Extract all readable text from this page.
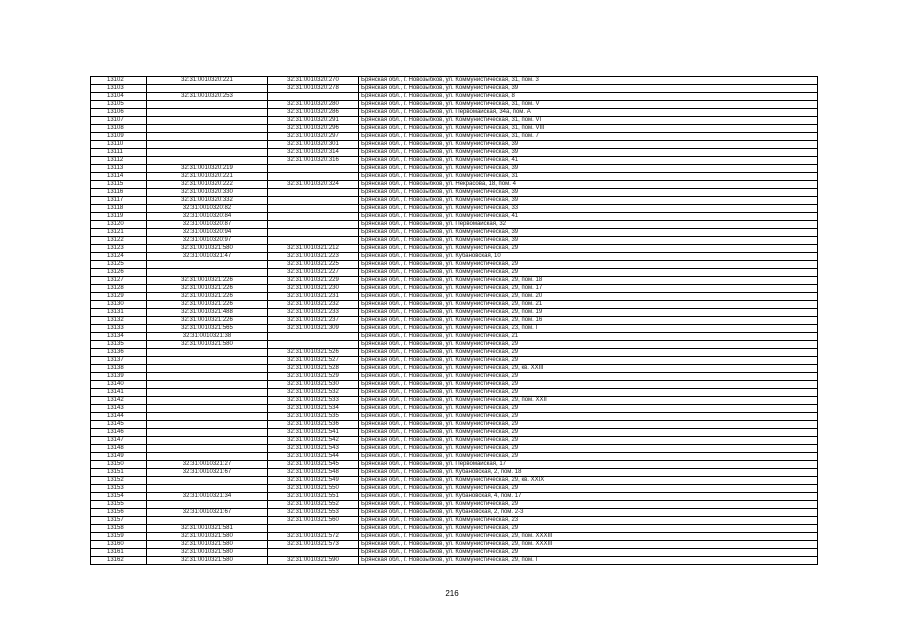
13102	32:31:0010320:221	32:31:0010320:270	Брянская обл., г. Новозыбков, ул. Коммунистическая, 31, пом. 3
13103		32:31:0010320:278	Брянская обл., г. Новозыбков, ул. Коммунистическая, 39
13104	32:31:0010320:253		Брянская обл., г. Новозыбков, ул. Коммунистическая, 8
13105		32:31:0010320:280	Брянская обл., г. Новозыбков, ул. Коммунистическая, 31, пом. V
13106		32:31:0010320:286	Брянская обл., г. Новозыбков, ул. Первомайская, 34а, пом. А
13107		32:31:0010320:291	Брянская обл., г. Новозыбков, ул. Коммунистическая, 31, пом. VI
13108		32:31:0010320:296	Брянская обл., г. Новозыбков, ул. Коммунистическая, 31, пом. VIII
13109		32:31:0010320:297	Брянская обл., г. Новозыбков, ул. Коммунистическая, 31, пом. 7
13110		32:31:0010320:301	Брянская обл., г. Новозыбков, ул. Коммунистическая, 39
13111		32:31:0010320:314	Брянская обл., г. Новозыбков, ул. Коммунистическая, 39
13112		32:31:0010320:316	Брянская обл., г. Новозыбков, ул. Коммунистическая, 41
13113	32:31:0010320:219		Брянская обл., г. Новозыбков, ул. Коммунистическая, 39
13114	32:31:0010320:221		Брянская обл., г. Новозыбков, ул. Коммунистическая, 31
13115	32:31:0010320:222	32:31:0010320:324	Брянская обл., г. Новозыбков, ул. Некрасова, 18, пом. 4
13116	32:31:0010320:330		Брянская обл., г. Новозыбков, ул. Коммунистическая, 39
13117	32:31:0010320:332		Брянская обл., г. Новозыбков, ул. Коммунистическая, 39
13118	32:31:0010320:82		Брянская обл., г. Новозыбков, ул. Коммунистическая, 33
13119	32:31:0010320:84		Брянская обл., г. Новозыбков, ул. Коммунистическая, 41
13120	32:31:0010320:87		Брянская обл., г. Новозыбков, ул. Первомайская, 32
13121	32:31:0010320:94		Брянская обл., г. Новозыбков, ул. Коммунистическая, 39
13122	32:31:0010320:97		Брянская обл., г. Новозыбков, ул. Коммунистическая, 39
13123	32:31:0010321:580	32:31:0010321:212	Брянская обл., г. Новозыбков, ул. Коммунистическая, 29
13124	32:31:0010321:47	32:31:0010321:223	Брянская обл., г. Новозыбков, ул. Кубановская, 10
13125		32:31:0010321:225	Брянская обл., г. Новозыбков, ул. Коммунистическая, 29
13126		32:31:0010321:227	Брянская обл., г. Новозыбков, ул. Коммунистическая, 29
13127	32:31:0010321:226	32:31:0010321:229	Брянская обл., г. Новозыбков, ул. Коммунистическая, 29, пом. 18
13128	32:31:0010321:226	32:31:0010321:230	Брянская обл., г. Новозыбков, ул. Коммунистическая, 29, пом. 17
13129	32:31:0010321:226	32:31:0010321:231	Брянская обл., г. Новозыбков, ул. Коммунистическая, 29, пом. 20
13130	32:31:0010321:226	32:31:0010321:232	Брянская обл., г. Новозыбков, ул. Коммунистическая, 29, пом. 21
13131	32:31:0010321:488	32:31:0010321:233	Брянская обл., г. Новозыбков, ул. Коммунистическая, 29, пом. 19
13132	32:31:0010321:226	32:31:0010321:237	Брянская обл., г. Новозыбков, ул. Коммунистическая, 29, пом. 16
13133	32:31:0010321:565	32:31:0010321:309	Брянская обл., г. Новозыбков, ул. Коммунистическая, 23, пом. I
13134	32:31:0010321:38		Брянская обл., г. Новозыбков, ул. Коммунистическая, 21
13135	32:31:0010321:580		Брянская обл., г. Новозыбков, ул. Коммунистическая, 29
13136		32:31:0010321:526	Брянская обл., г. Новозыбков, ул. Коммунистическая, 29
13137		32:31:0010321:527	Брянская обл., г. Новозыбков, ул. Коммунистическая, 29
13138		32:31:0010321:528	Брянская обл., г. Новозыбков, ул. Коммунистическая, 29, кв. XXIII
13139		32:31:0010321:529	Брянская обл., г. Новозыбков, ул. Коммунистическая, 29
13140		32:31:0010321:530	Брянская обл., г. Новозыбков, ул. Коммунистическая, 29
13141		32:31:0010321:532	Брянская обл., г. Новозыбков, ул. Коммунистическая, 29
13142		32:31:0010321:533	Брянская обл., г. Новозыбков, ул. Коммунистическая, 29, пом. XXII
13143		32:31:0010321:534	Брянская обл., г. Новозыбков, ул. Коммунистическая, 29
13144		32:31:0010321:535	Брянская обл., г. Новозыбков, ул. Коммунистическая, 29
13145		32:31:0010321:536	Брянская обл., г. Новозыбков, ул. Коммунистическая, 29
13146		32:31:0010321:541	Брянская обл., г. Новозыбков, ул. Коммунистическая, 29
13147		32:31:0010321:542	Брянская обл., г. Новозыбков, ул. Коммунистическая, 29
13148		32:31:0010321:543	Брянская обл., г. Новозыбков, ул. Коммунистическая, 29
13149		32:31:0010321:544	Брянская обл., г. Новозыбков, ул. Коммунистическая, 29
13150	32:31:0010321:27	32:31:0010321:545	Брянская обл., г. Новозыбков, ул. Первомайская, 17
13151	32:31:0010321:67	32:31:0010321:548	Брянская обл., г. Новозыбков, ул. Кубановская, 2, пом. 18
13152		32:31:0010321:549	Брянская обл., г. Новозыбков, ул. Коммунистическая, 29, кв. XXIX
13153		32:31:0010321:550	Брянская обл., г. Новозыбков, ул. Коммунистическая, 29
13154	32:31:0010321:34	32:31:0010321:551	Брянская обл., г. Новозыбков, ул. Кубановская, 4, пом. 17
13155		32:31:0010321:552	Брянская обл., г. Новозыбков, ул. Коммунистическая, 29
13156	32:31:0010321:67	32:31:0010321:553	Брянская обл., г. Новозыбков, ул. Кубановская, 2, пом. 2-3
13157		32:31:0010321:560	Брянская обл., г. Новозыбков, ул. Коммунистическая, 23
13158	32:31:0010321:581		Брянская обл., г. Новозыбков, ул. Коммунистическая, 29
13159	32:31:0010321:580	32:31:0010321:572	Брянская обл., г. Новозыбков, ул. Коммунистическая, 29, пом. XXXIII
13160	32:31:0010321:580	32:31:0010321:573	Брянская обл., г. Новозыбков, ул. Коммунистическая, 29, пом. XXXIII
13161	32:31:0010321:580		Брянская обл., г. Новозыбков, ул. Коммунистическая, 29
13162	32:31:0010321:580	32:31:0010321:590	Брянская обл., г. Новозыбков, ул. Коммунистическая, 29, пом. I
216
